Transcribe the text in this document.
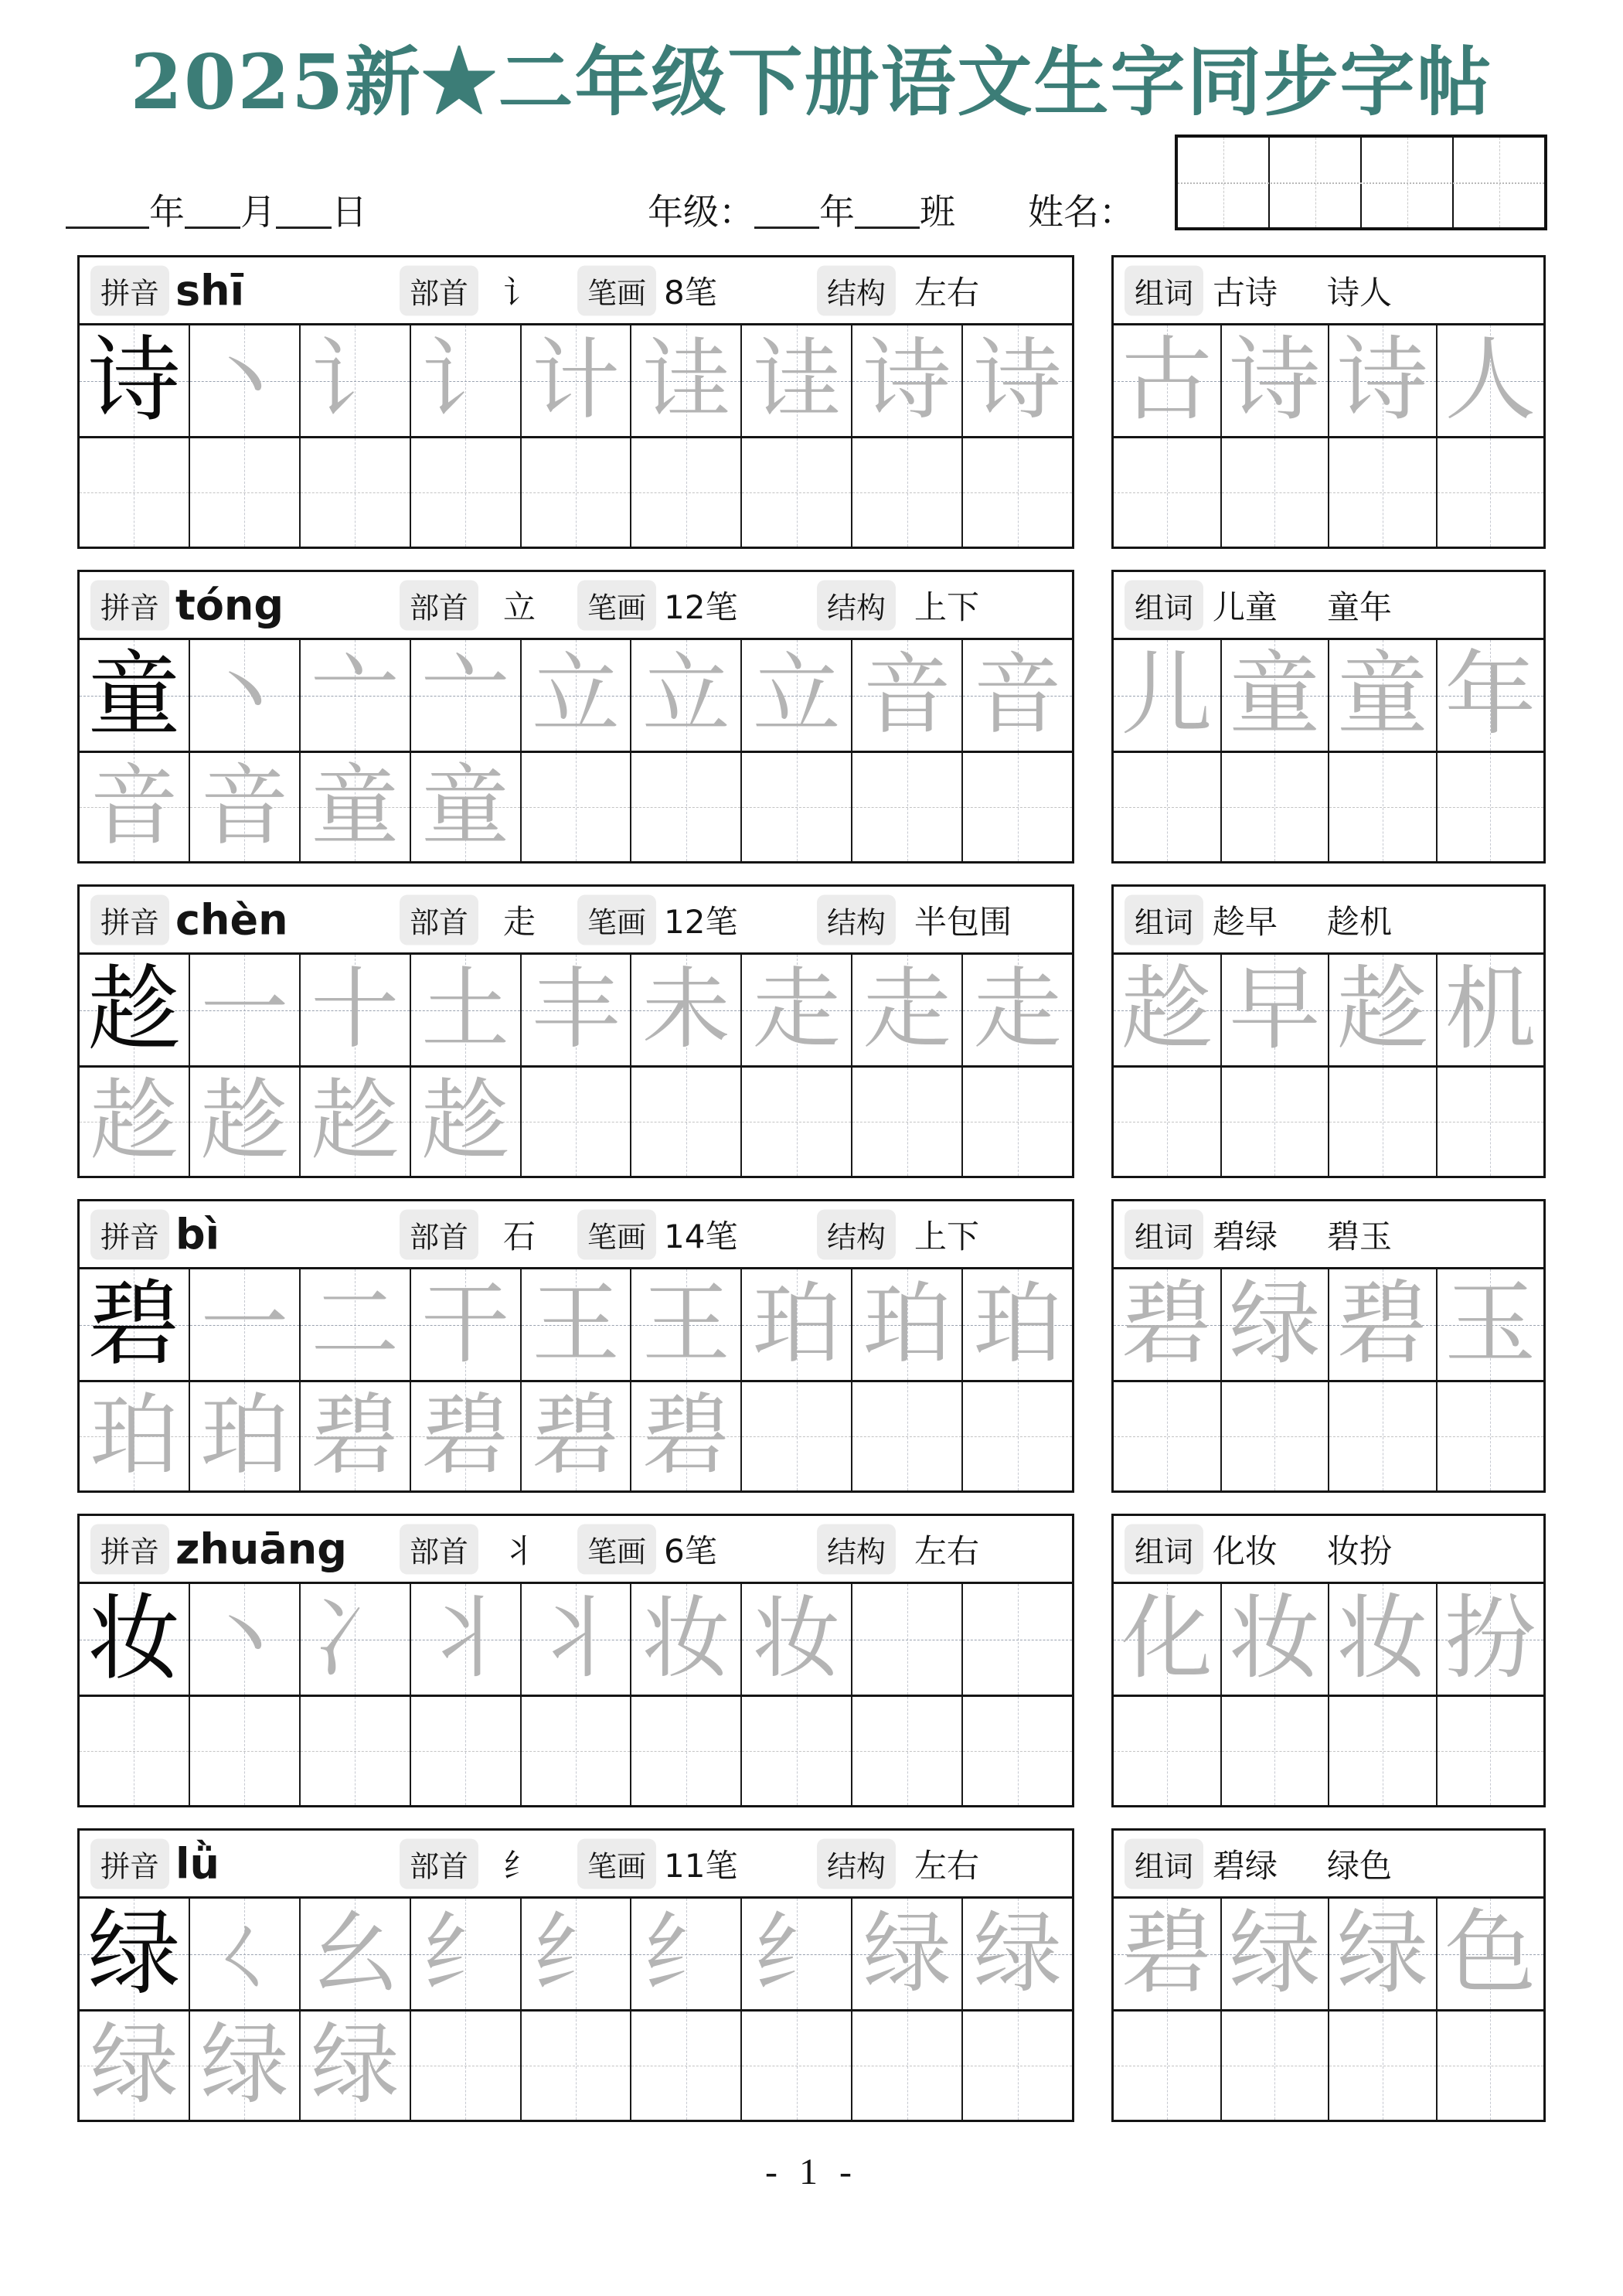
2025新★二年级下册语文生字同步字帖
年 月 日	年级： 年 班 姓名：
拼音 shī	部首	讠	笔画 8笔	结构 左右
诗 丶 讠 讠 计 诖 诖 诗 诗
组词 古诗 诗人
古 诗 诗 人
拼音 tóng	部首	立	笔画 12笔	结构 上下
童 丶 亠 亠 立 立 立 音 音
音 音 童 童
组词 儿童 童年
儿 童 童 年
拼音 chèn	部首	走	笔画 12笔	结构 半包围
趁 一 十 土 丰 未 走 走 走
趁 趁 趁 趁
组词 趁早 趁机
趁 早 趁 机
拼音 bì	部首	石	笔画 14笔	结构 上下
碧 一 二 干 王 王 珀 珀 珀
珀 珀 碧 碧 碧 碧
组词 碧绿 碧玉
碧 绿 碧 玉
拼音 zhuāng	部首	丬	笔画 6笔	结构 左右
妆 丶 冫 丬 丬 妆 妆
组词 化妆 妆扮
化 妆 妆 扮
拼音 lǜ	部首	纟	笔画 11笔	结构 左右
绿 ㄑ 幺 纟 纟 纟 纟 绿 绿
绿 绿 绿
组词 碧绿 绿色
碧 绿 绿 色
- 1 -
